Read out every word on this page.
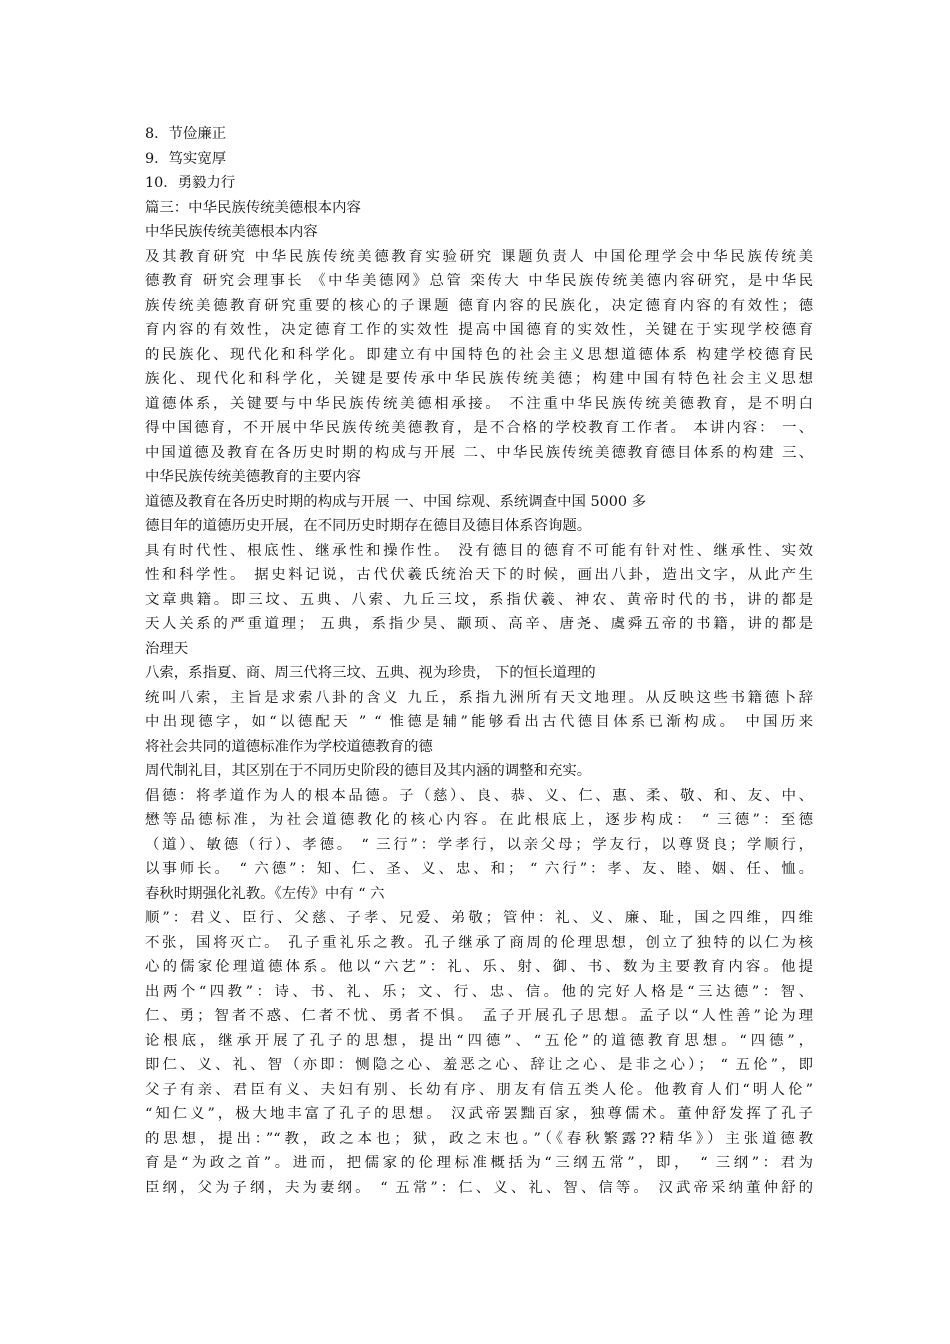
8．节俭廉正
9．笃实宽厚
10．勇毅力行
篇三：中华民族传统美德根本内容
中华民族传统美德根本内容
及其教育研究 中华民族传统美德教育实验研究 课题负责人 中国伦理学会中华民族传统美
德教育 研究会理事长 《中华美德网》总管 栾传大 中华民族传统美德内容研究，是中华民
族传统美德教育研究重要的核心的子课题 德育内容的民族化，决定德育内容的有效性；德
育内容的有效性，决定德育工作的实效性 提高中国德育的实效性，关键在于实现学校德育
的民族化、现代化和科学化。即建立有中国特色的社会主义思想道德体系 构建学校德育民
族化、现代化和科学化，关键是要传承中华民族传统美德；构建中国有特色社会主义思想
道德体系，关键要与中华民族传统美德相承接。 不注重中华民族传统美德教育，是不明白
得中国德育，不开展中华民族传统美德教育，是不合格的学校教育工作者。 本讲内容： 一、
中国道德及教育在各历史时期的构成与开展 二、中华民族传统美德教育德目体系的构建 三、
中华民族传统美德教育的主要内容
道德及教育在各历史时期的构成与开展 一、中国 综观、系统调查中国 5000 多
德目年的道德历史开展，在不同历史时期存在德目及德目体系咨询题。
具有时代性、根底性、继承性和操作性。 没有德目的德育不可能有针对性、继承性、实效
性和科学性。 据史料记说，古代伏羲氏统治天下的时候，画出八卦，造出文字，从此产生
文章典籍。即三坟、五典、八索、九丘三坟，系指伏羲、神农、黄帝时代的书，讲的都是
天人关系的严重道理； 五典，系指少昊、颛顼、高辛、唐尧、虞舜五帝的书籍，讲的都是
治理天
八索，系指夏、商、周三代将三坟、五典、视为珍贵， 下的恒长道理的
统叫八索，主旨是求索八卦的含义 九丘，系指九洲所有天文地理。从反映这些书籍德卜辞
中出现德字，如“以德配天 ” “ 惟德是辅”能够看出古代德目体系已渐构成。 中国历来
将社会共同的道德标准作为学校道德教育的德
周代制礼目，其区别在于不同历史阶段的德目及其内涵的调整和充实。
倡德：将孝道作为人的根本品德。子（慈）、良、恭、义、仁、惠、柔、敬、和、友、中、
懋等品德标准，为社会道德教化的核心内容。在此根底上，逐步构成： “ 三德”：至德
（道）、敏德（行）、孝德。 “ 三行”：学孝行，以亲父母；学友行，以尊贤良；学顺行，
以事师长。 “ 六德”：知、仁、圣、义、忠、和； “ 六行”：孝、友、睦、姻、任、恤。
春秋时期强化礼教。《左传》中有 “ 六
顺”：君义、臣行、父慈、子孝、兄爱、弟敬；管仲：礼、义、廉、耻，国之四维，四维
不张，国将灭亡。 孔子重礼乐之教。孔子继承了商周的伦理思想，创立了独特的以仁为核
心的儒家伦理道德体系。他以“六艺”：礼、乐、射、御、书、数为主要教育内容。他提
出两个“四教”：诗、书、礼、乐；文、行、忠、信。他的完好人格是“三达德”：智、
仁、勇；智者不惑、仁者不忧、勇者不惧。 孟子开展孔子思想。孟子以“人性善”论为理
论根底，继承开展了孔子的思想，提出“四德”、“五伦”的道德教育思想。“四德”，
即仁、义、礼、智（亦即：恻隐之心、羞恶之心、辞让之心、是非之心）； “ 五伦”，即
父子有亲、君臣有义、夫妇有别、长幼有序、朋友有信五类人伦。他教育人们“明人伦”
“知仁义”，极大地丰富了孔子的思想。 汉武帝罢黜百家，独尊儒术。董仲舒发挥了孔子
的思想，提出：”“教，政之本也；狱，政之末也。”（《春秋繁露??精华》）主张道德教
育是“为政之首”。进而，把儒家的伦理标准概括为“三纲五常”，即， “ 三纲”：君为
臣纲，父为子纲，夫为妻纲。 “ 五常”：仁、义、礼、智、信等。 汉武帝采纳董仲舒的
